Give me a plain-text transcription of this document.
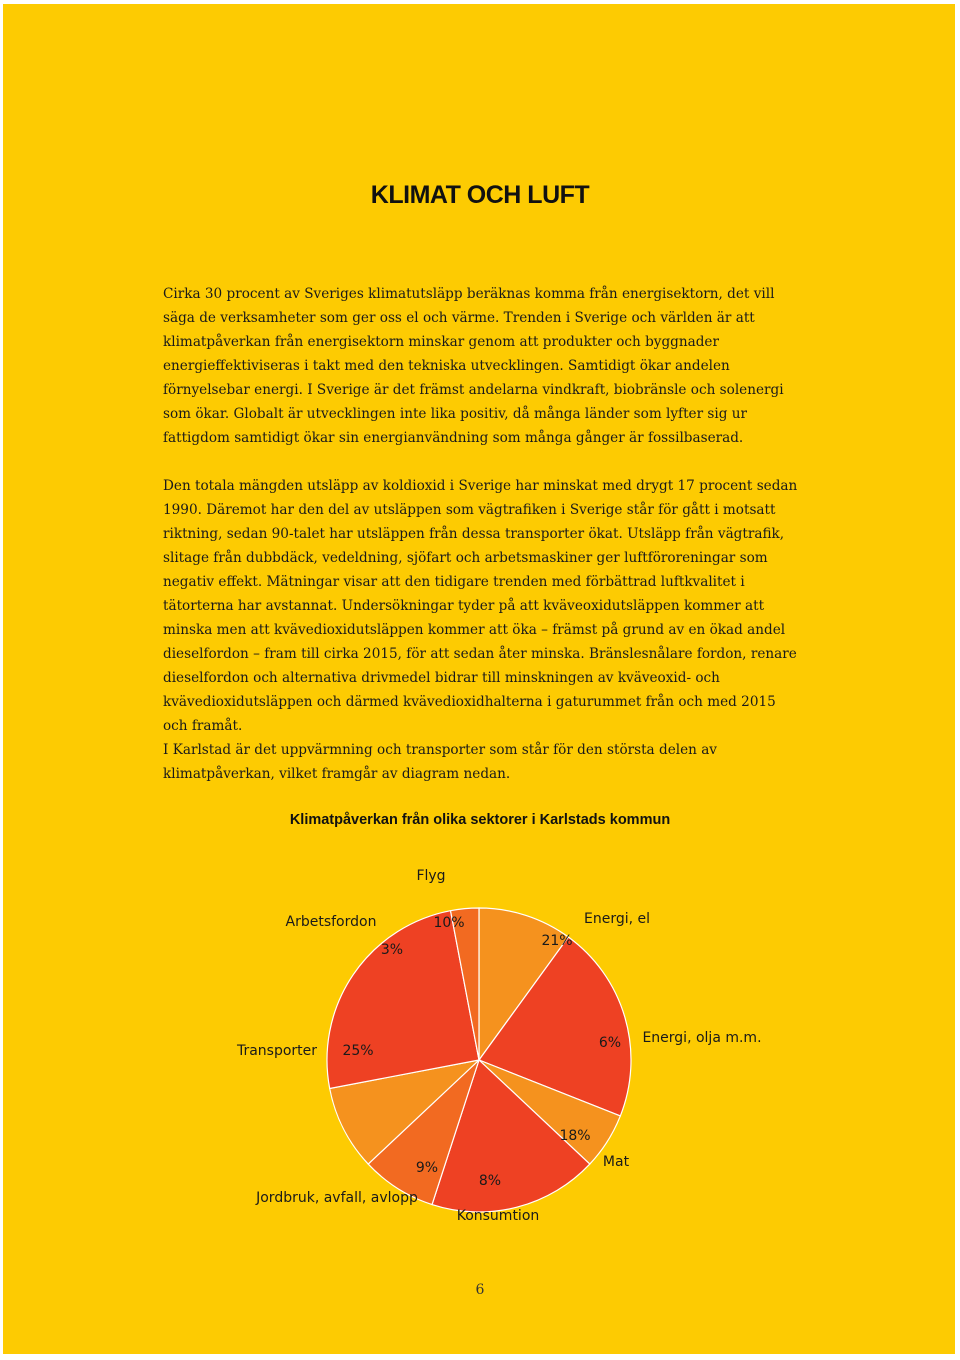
KLIMAT OCH LUFT

Cirka 30 procent av Sveriges klimatutsläpp beräknas komma från energisektorn, det vill säga de verksamheter som ger oss el och värme. Trenden i Sverige och världen är att klimatpåverkan från energisektorn minskar genom att produkter och byggnader energieffektiviseras i takt med den tekniska utvecklingen. Samtidigt ökar andelen förnyelsebar energi. I Sverige är det främst andelarna vindkraft, biobränsle och solenergi som ökar. Globalt är utvecklingen inte lika positiv, då många länder som lyfter sig ur fattigdom samtidigt ökar sin energianvändning som många gånger är fossilbaserad.

Den totala mängden utsläpp av koldioxid i Sverige har minskat med drygt 17 procent sedan 1990. Däremot har den del av utsläppen som vägtrafiken i Sverige står för gått i motsatt riktning, sedan 90-talet har utsläppen från dessa transporter ökat. Utsläpp från vägtrafik, slitage från dubbdäck, vedeldning, sjöfart och arbetsmaskiner ger luftföroreningar som negativ effekt. Mätningar visar att den tidigare trenden med förbättrad luftkvalitet i tätorterna har avstannat. Undersökningar tyder på att kväveoxidutsläppen kommer att minska men att kvävedioxidutsläppen kommer att öka – främst på grund av en ökad andel dieselfordon – fram till cirka 2015, för att sedan åter minska. Bränslesnålare fordon, renare dieselfordon och alternativa drivmedel bidrar till minskningen av kväveoxid- och kvävedioxidutsläppen och därmed kvävedioxidhalterna i gaturummet från och med 2015 och framåt.

I Karlstad är det uppvärmning och transporter som står för den största delen av klimatpåverkan, vilket framgår av diagram nedan.

Klimatpåverkan från olika sektorer i Karlstads kommun

10%
Flyg
21%
Energi, el
6% Energi, olja m.m.
18%
Mat
8%
Konsumtion
9%
Jordbruk, avfall, avlopp
25%
Transporter
3%
Arbetsfordon
6
